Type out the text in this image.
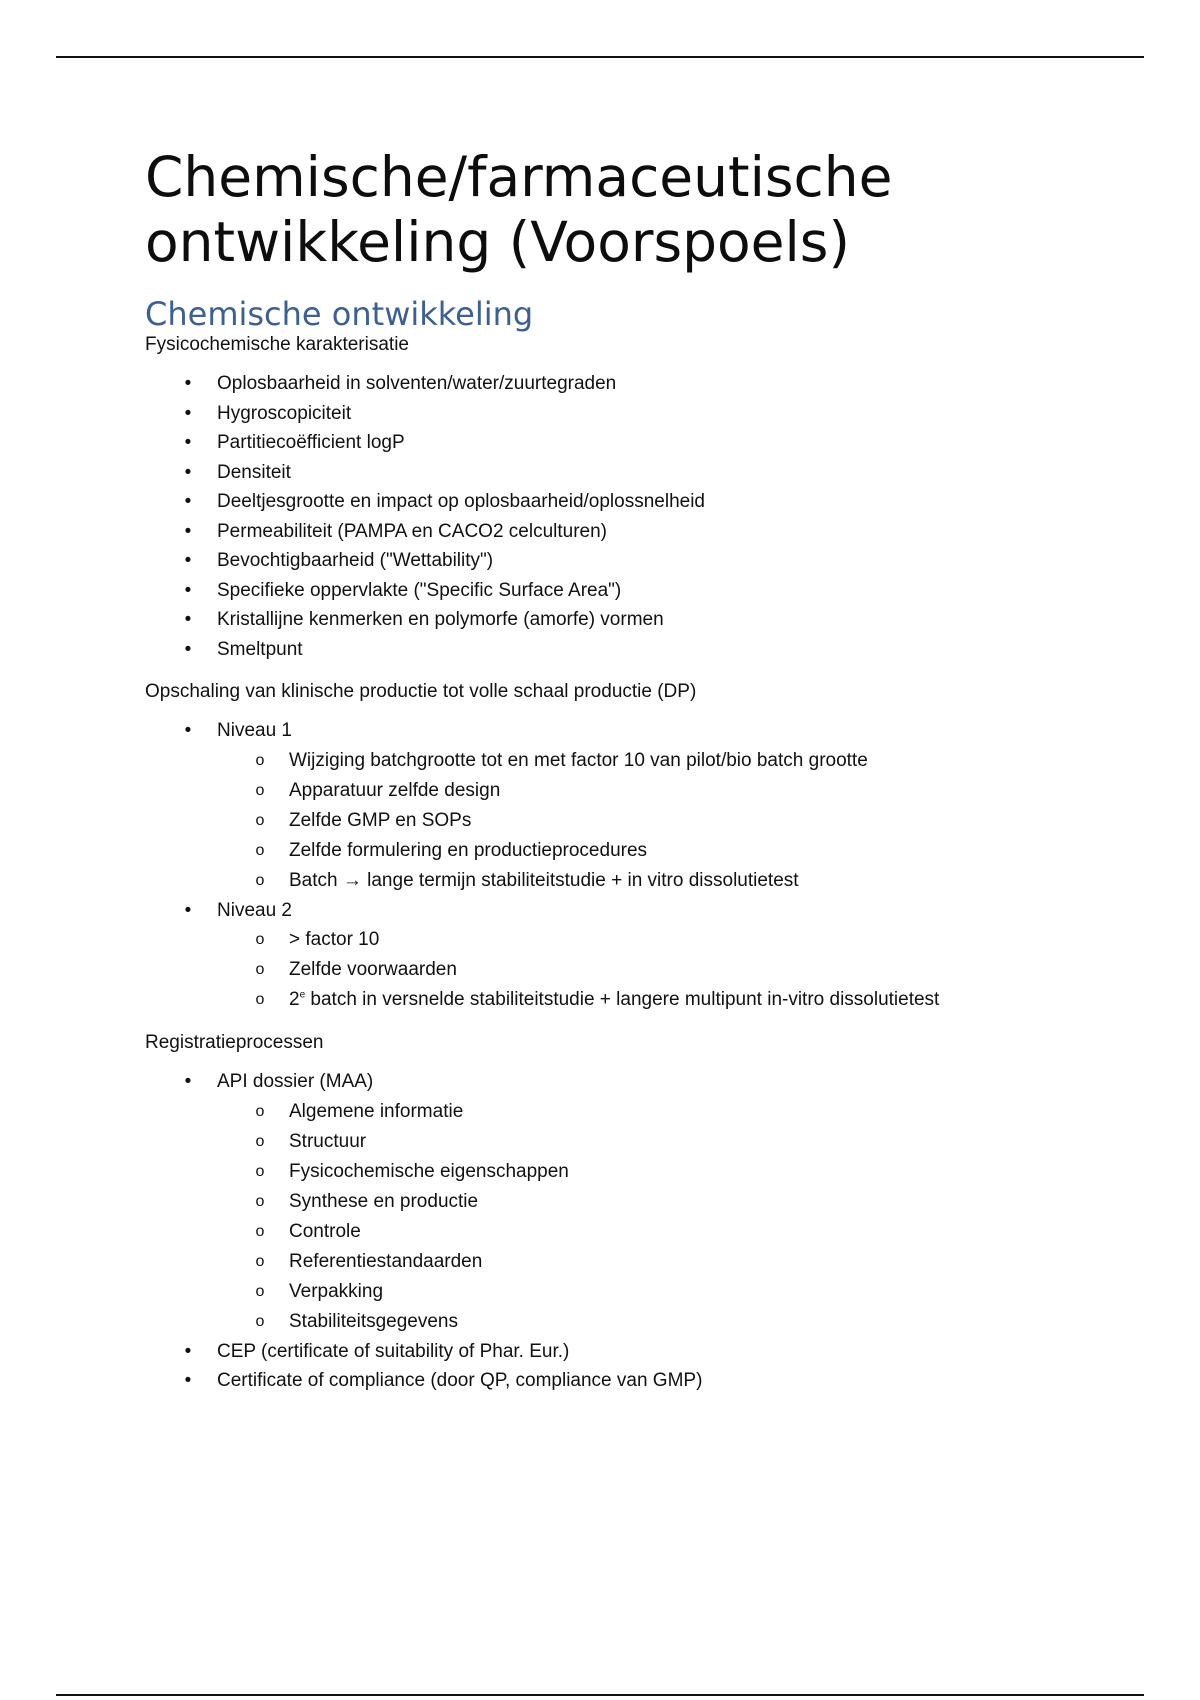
Chemische/farmaceutische
ontwikkeling (Voorspoels)
Chemische ontwikkeling

Fysicochemische karakterisatie

• Oplosbaarheid in solventen/water/zuurtegraden
• Hygroscopiciteit
• Partitiecoëfficient logP
• Densiteit
• Deeltjesgrootte en impact op oplosbaarheid/oplossnelheid
• Permeabiliteit (PAMPA en CACO2 celculturen)
• Bevochtigbaarheid ("Wettability")
• Specifieke oppervlakte ("Specific Surface Area")
• Kristallijne kenmerken en polymorfe (amorfe) vormen
• Smeltpunt

Opschaling van klinische productie tot volle schaal productie (DP)

• Niveau 1
o Wijziging batchgrootte tot en met factor 10 van pilot/bio batch grootte
o Apparatuur zelfde design
o Zelfde GMP en SOPs
o Zelfde formulering en productieprocedures
o Batch → lange termijn stabiliteitstudie + in vitro dissolutietest
• Niveau 2
o > factor 10
o Zelfde voorwaarden
o 2e batch in versnelde stabiliteitstudie + langere multipunt in-vitro dissolutietest

Registratieprocessen

• API dossier (MAA)
o Algemene informatie
o Structuur
o Fysicochemische eigenschappen
o Synthese en productie
o Controle
o Referentiestandaarden
o Verpakking
o Stabiliteitsgegevens
• CEP (certificate of suitability of Phar. Eur.)
• Certificate of compliance (door QP, compliance van GMP)
